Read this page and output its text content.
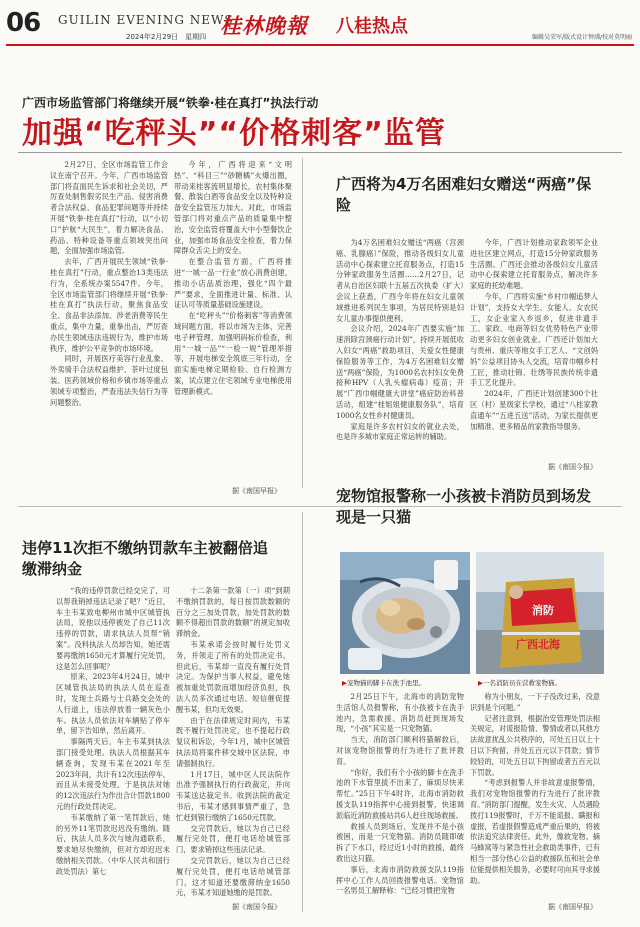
06 GUILIN EVENING NEWS
2024年2月29日　星期四 桂林晚報 八桂热点
编辑吴荣军/版式设计钟沸/校对莫明丽
广西市场监管部门将继续开展“铁拳·桂在真打”执法行动
加强“吃秤头”“价格刺客”监管

2月27日，全区市场监管工作会议在南宁召开。今年，广西市场监管部门将直面民生诉求和社会关切，严厉查处制售假劣民生产品、侵害消费者合法权益、食品犯罪问题等并持续开展“铁拳·桂在真打”行动，以“小切口”护航“大民生”，着力解决食品、药品、特种设备等重点领域突出问题，全面加强市场监管。

去年，广西开展民生领域“铁拳·桂在真打”行动，重点整治13类违法行为，全系统办案5547件。今年，全区市场监管部门将继续开展“铁拳·桂在真打”执法行动，聚焦食品安全、食品非法添加、涉老消费等民生重点，集中力量，重拳出击，严厉查办民生领域违法违规行为，维护市场秩序，维护公平竞争的市场环境。

同时，开展医疗美容行业乱象、外卖骑手合法权益维护、茶叶过度包装、医药领域价格和乡镇市场等重点领域专项整治，严查违法失信行为等问题整治。

今年，广西将迎来“文明热”、“科目三”“砂糖橘”火爆出圈，带动来桂客流明显增长，农村集体聚餐、散装白酒等食品安全以及特种设备安全监管压力加大。对此，市场监管部门将对重点产品的质量集中整治，安全监管将覆盖大中小型餐饮企业，加强市场食品安全检查，着力保障群众舌尖上的安全。

在整合监管方面，广西将推进“一城一品一行业”放心消费创建，推动小店品质治理，强化“四个最严”要求，全面推进计量、标准、认证认可等质量基础设施建设。

在“吃秤头”“价格刺客”等消费领域问题方面，将以市场为主体，完善电子秤管理、加强明码标价检查，利用“一城一品”“一检一规”管理举措等，开展电梯安全筑底三年行动，全面实施电梯定期检验、自行检测方案，试点建立住宅领域专业电梯使用管理新模式。

据《南国早报》
广西将为4万名困难妇女赠送“两癌”保险

为4万名困难妇女赠送“两癌（宫颈癌、乳腺癌）”保险，推动各级妇女儿童活动中心探索建立托育服务点，打造15分钟家政服务生活圈……2月27日，记者从自治区妇联十五届五次执委（扩大）会议上获悉，广西今年将在妇女儿童领域推进系列民生事项，为居民特别是妇女儿童办事提供便利。

会议介绍，2024年广西要实施“加速消除宫颈癌行动计划”，持续开展低收入妇女“两癌”救助项目，关爱女性健康保险服务等工作，为4万名困难妇女赠送“两癌”保险，为1000名农村妇女免费接种HPV（人乳头瘤病毒）疫苗；开展“广西巾帼健康大讲堂”癌症防治科普活动，组建“桂姐姐健康服务队”，培育1000名女性乡村健康员。

家庭是许多农村妇女的就业去处，也是许多城市家庭正常运转的辅助。

今年，广西计划推动家政领军企业进社区建立网点，打造15分钟家政服务生活圈。广西还会推动各级妇女儿童活动中心探索建立托育服务点，解决许多家庭的托幼难题。

今年，广西将实施“乡村巾帼追梦人计划”，支持女大学生、女能人、女农民工，女企业家入乡返乡，促进非遗手工、家政、电商等妇女优势特色产业带动更多妇女创业就业。广西还计划加大与贵州、重庆等地女手工艺人、“文创妈妈”公益项目协头人交流，培育巾帼乡村工匠，推动壮锦、壮绣等民族传统非遗手工艺化提升。

2024年，广西还计划创建300个社区（村）星级家长学校，通过“八桂家教直通车”“五进五送”活动，为家长提供更加精准、更多精品的家教指导服务。

据《南国今报》
违停11次拒不缴纳罚款车主被翻倍追缴滞纳金

“我的违停罚款已经交完了，可以帮我销掉违法记录了吧？”近日，车主韦某致电柳州市城中区城管执法局，说他以违停被处了自己11次违停的罚款，请求执法人员帮“销案”。没料执法人员却告知，她还需要再缴纳1650元才算履行完处罚，这是怎么回事呢？

原来，2023年4月24日，城中区城管执法局的执法人员在巡查时，发现士兵路与士兵路交会处的人行道上，违法停放着一辆灰色小车。执法人员依法对车辆贴了停车单，留下告知单，然后离开。

事隔两天后，车主韦某到执法部门接受处理。执法人员根据其车辆查询，发现韦某在2021年至2023年间，共计有12次违法停车，而且从未接受处理，于是执法对她的12次违法行为作出合计罚款1800元的行政处罚决定。

韦某缴纳了第一笔罚款后，她的另外11笔罚款迟迟没有缴纳。随后，执法人员多次与她沟通联系，要求她尽快缴纳，但对方却迟迟未缴纳相关罚款。（中华人民共和国行政处罚法）第七

十二条第一款第（一）项“到期不缴纳罚款的，每日按罚款数额的百分之三加处罚款，加处罚款的数额不得超出罚款的数额”的规定加收滞纳金。

韦某承诺会按时履行处罚义务，并领走了所有的处罚决定书。但此后，韦某却一直没有履行处罚决定。为保护当事人权益，避免她被加重处罚款而增加经济负担，执法人员多次通过电话、短信催促提醒韦某，但均无效果。

由于在法律规定时间内，韦某既不履行处罚决定，也不提起行政复议和诉讼，今年1月，城中区城管执法局将案件移交城中区法院，申请强制执行。

1月17日，城中区人民法院作出准予强制执行的行政裁定，并向韦某送达裁定书。收到法院的裁定书后，韦某才感到事情严重了，急忙赶到银行缴纳了1650元罚款。

交完罚款后，她以为自己已经履行完处罚，便打电话给城管部门，要求销掉这些违法记录。

交完罚款后，她以为自己已经履行完处罚，便打电话给城管部门，这才知道还要缴滞纳金1650元，韦某才知道她缴的是罚款。

据《南国今报》
宠物馆报警称一小孩被卡消防员到场发现是一只猫
▶宠物猫的脚卡在洗手池里。
消防
广西北海
▶一名消防员在营救宠物猫。

2月25日下午，北海市的消防宠物生活馆人员报警称，有小孩被卡在洗手池内，急需救援。消防员赶到现场发现，“小孩”其实是一只宠物猫。

当天，消防部门顺利将猫解救后，对该宠物馆报警的行为进行了批评教育。

“你好，我们有个小孩的脚卡在洗手池的下水管里拔不出来了，麻烦尽快来帮忙。”25日下午4时许，北海市消防救援支队119指挥中心接到报警，快速调派临近消防救援站共6人赶往现场救援。

救援人员到场后，发现并不是小孩被困，而是一只宠物猫。消防员随即破拆了下水口，经过近1小时的救援，最终救出这只猫。

事后，北海市消防救援支队119指挥中心工作人员回拨报警电话。宠物馆一名男员工解释称：“已经习惯把宠物

称为小朋友，一下子没改过来，没意识到是个问题。”

记者注意到，根据治安管理处罚法相关规定，对谎报险情、警情或者以其他方法故意扰乱公共秩序的，可处五日以上十日以下拘留，并处五百元以下罚款；情节较轻的，可处五日以下拘留或者五百元以下罚款。

“考虑到报警人并非故意虚报警情，我们对宠物馆报警的行为进行了批评教育。”消防部门提醒，发生火灾、人员遇险拨打119报警时，千万不能谎报、瞒报和虚报，若虚报假警造成严重后果的，将被依法追究法律责任。此外，像救宠物、摘马蜂窝等与紧急性社会救助类事件，已有相当一部分热心公益的救援队伍和社会单位能提供相关服务，必要时可向其寻求援助。

据《南国早报》
